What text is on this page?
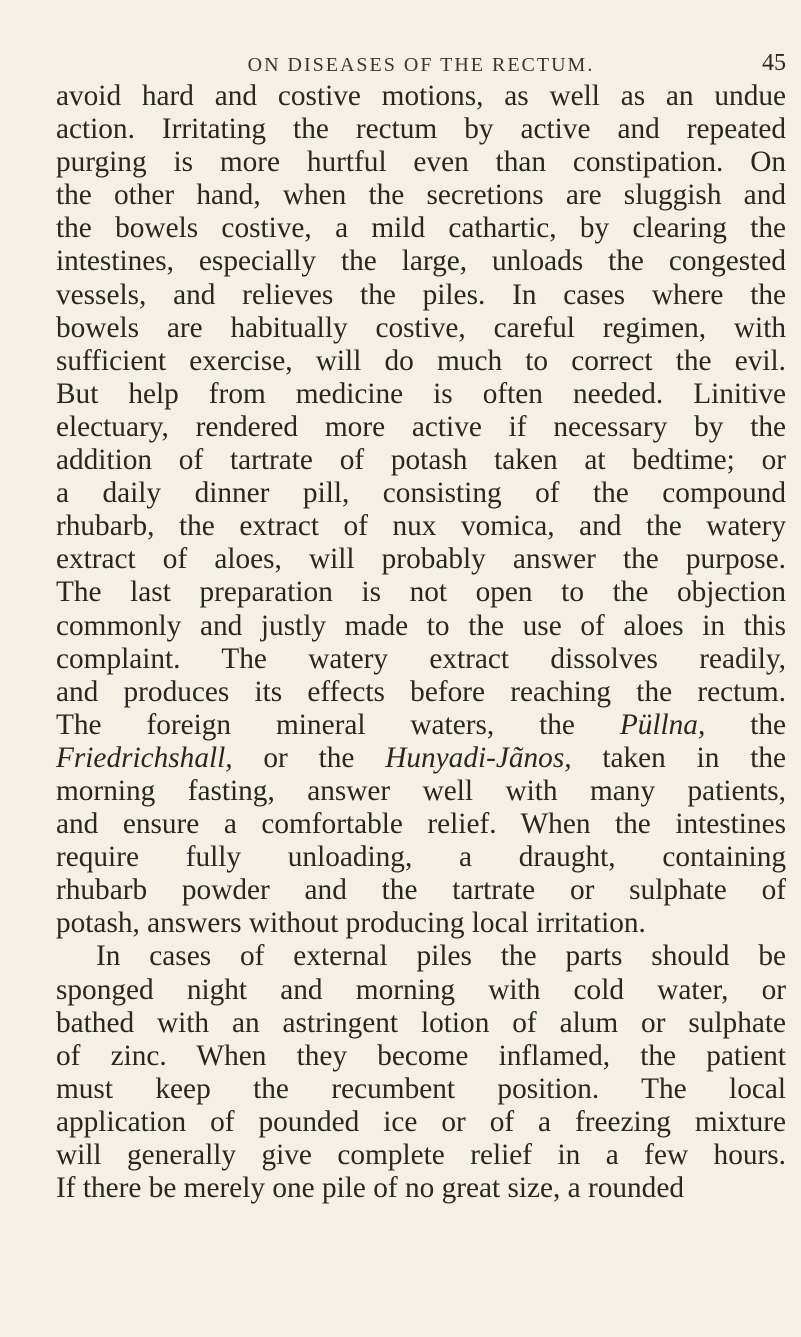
ON DISEASES OF THE RECTUM.	45
avoid hard and costive motions, as well as an undue
action. Irritating the rectum by active and repeated
purging is more hurtful even than constipation. On
the other hand, when the secretions are sluggish and
the bowels costive, a mild cathartic, by clearing the
intestines, especially the large, unloads the congested
vessels, and relieves the piles. In cases where the
bowels are habitually costive, careful regimen, with
sufficient exercise, will do much to correct the evil.
But help from medicine is often needed. Linitive
electuary, rendered more active if necessary by the
addition of tartrate of potash taken at bedtime; or
a daily dinner pill, consisting of the compound
rhubarb, the extract of nux vomica, and the watery
extract of aloes, will probably answer the purpose.
The last preparation is not open to the objection
commonly and justly made to the use of aloes in this
complaint. The watery extract dissolves readily,
and produces its effects before reaching the rectum.
The foreign mineral waters, the Püllna, the
Friedrichshall, or the Hunyadi-Jãnos, taken in the
morning fasting, answer well with many patients,
and ensure a comfortable relief. When the intestines
require fully unloading, a draught, containing
rhubarb powder and the tartrate or sulphate of
potash, answers without producing local irritation.
In cases of external piles the parts should be
sponged night and morning with cold water, or
bathed with an astringent lotion of alum or sulphate
of zinc. When they become inflamed, the patient
must keep the recumbent position. The local
application of pounded ice or of a freezing mixture
will generally give complete relief in a few hours.
If there be merely one pile of no great size, a rounded
